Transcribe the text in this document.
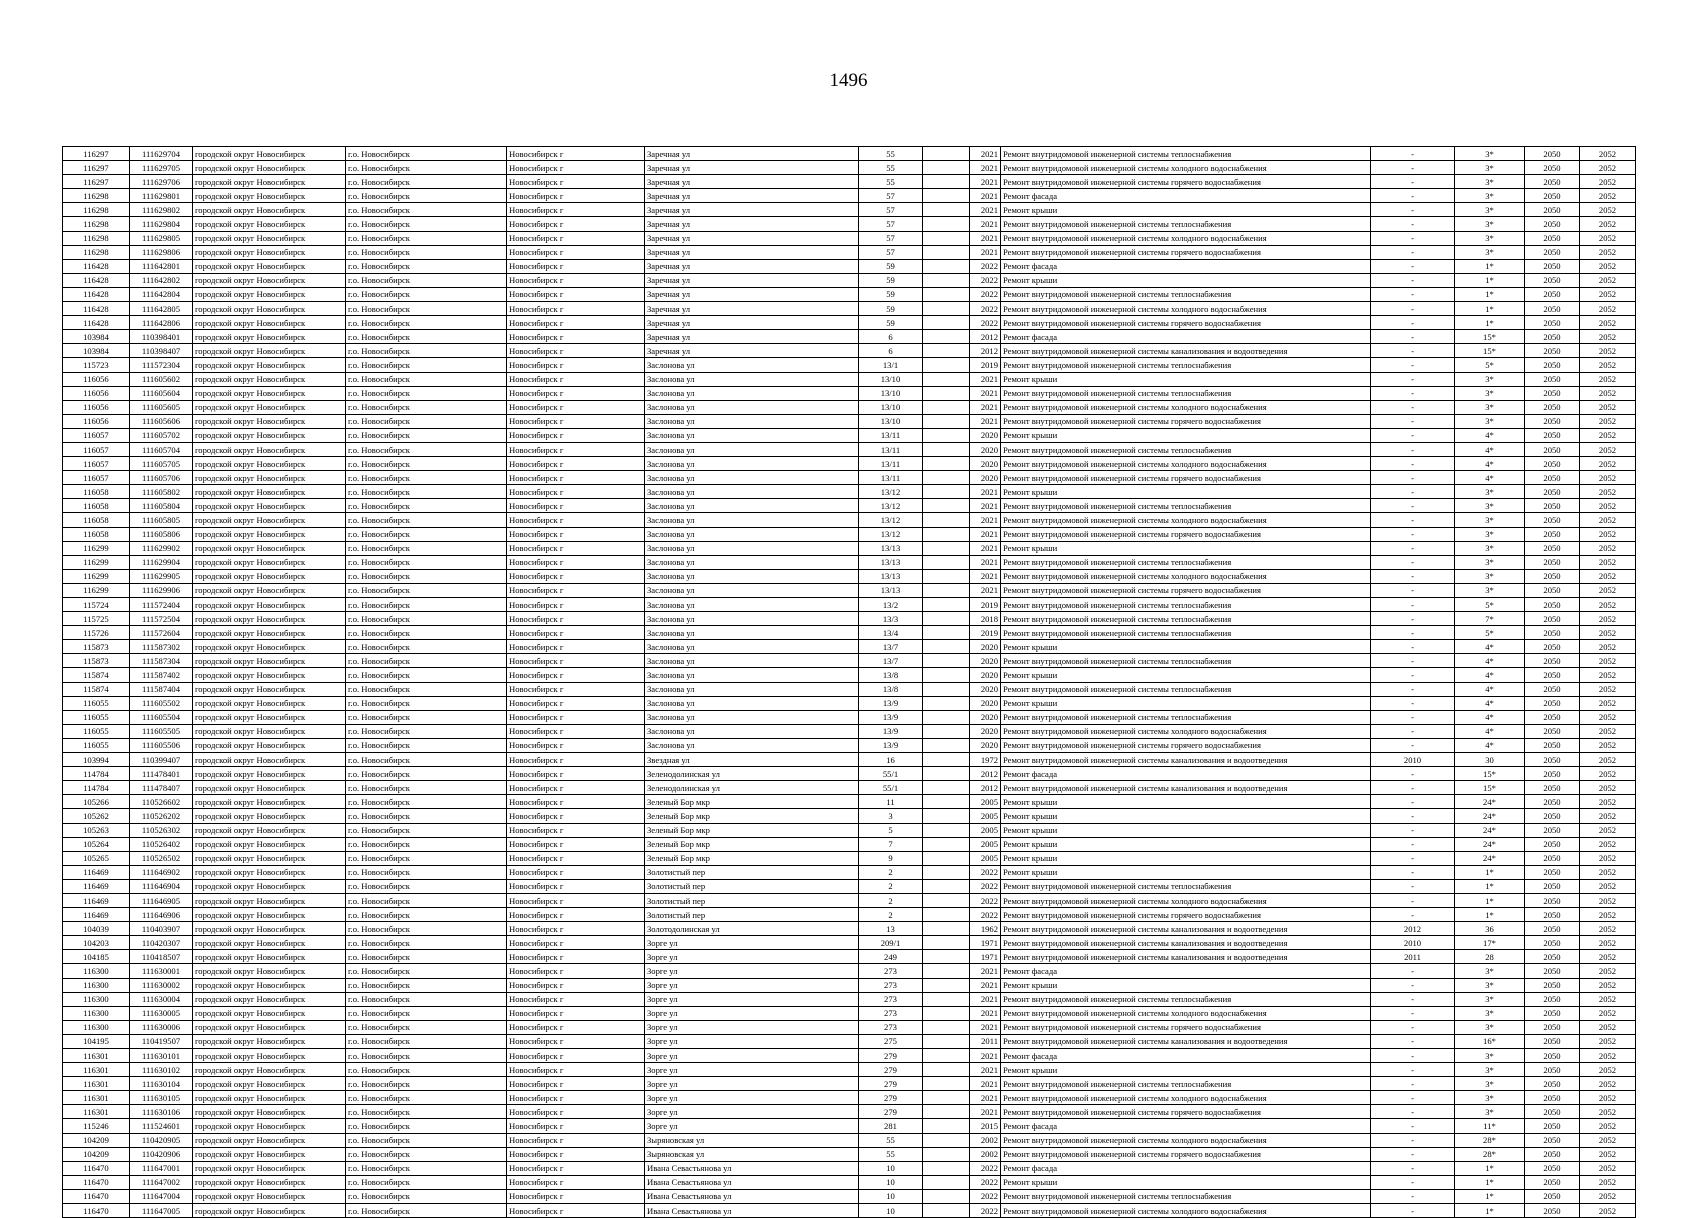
1496
116297	111629704	городской округ Новосибирск	г.о. Новосибирск	Новосибирск г	Заречная ул	55		2021	Ремонт внутридомовой инженерной системы теплоснабжения	-	3*	2050	2052
116297	111629705	городской округ Новосибирск	г.о. Новосибирск	Новосибирск г	Заречная ул	55		2021	Ремонт внутридомовой инженерной системы холодного водоснабжения	-	3*	2050	2052
116297	111629706	городской округ Новосибирск	г.о. Новосибирск	Новосибирск г	Заречная ул	55		2021	Ремонт внутридомовой инженерной системы горячего водоснабжения	-	3*	2050	2052
116298	111629801	городской округ Новосибирск	г.о. Новосибирск	Новосибирск г	Заречная ул	57		2021	Ремонт фасада	-	3*	2050	2052
116298	111629802	городской округ Новосибирск	г.о. Новосибирск	Новосибирск г	Заречная ул	57		2021	Ремонт крыши	-	3*	2050	2052
116298	111629804	городской округ Новосибирск	г.о. Новосибирск	Новосибирск г	Заречная ул	57		2021	Ремонт внутридомовой инженерной системы теплоснабжения	-	3*	2050	2052
116298	111629805	городской округ Новосибирск	г.о. Новосибирск	Новосибирск г	Заречная ул	57		2021	Ремонт внутридомовой инженерной системы холодного водоснабжения	-	3*	2050	2052
116298	111629806	городской округ Новосибирск	г.о. Новосибирск	Новосибирск г	Заречная ул	57		2021	Ремонт внутридомовой инженерной системы горячего водоснабжения	-	3*	2050	2052
116428	111642801	городской округ Новосибирск	г.о. Новосибирск	Новосибирск г	Заречная ул	59		2022	Ремонт фасада	-	1*	2050	2052
116428	111642802	городской округ Новосибирск	г.о. Новосибирск	Новосибирск г	Заречная ул	59		2022	Ремонт крыши	-	1*	2050	2052
116428	111642804	городской округ Новосибирск	г.о. Новосибирск	Новосибирск г	Заречная ул	59		2022	Ремонт внутридомовой инженерной системы теплоснабжения	-	1*	2050	2052
116428	111642805	городской округ Новосибирск	г.о. Новосибирск	Новосибирск г	Заречная ул	59		2022	Ремонт внутридомовой инженерной системы холодного водоснабжения	-	1*	2050	2052
116428	111642806	городской округ Новосибирск	г.о. Новосибирск	Новосибирск г	Заречная ул	59		2022	Ремонт внутридомовой инженерной системы горячего водоснабжения	-	1*	2050	2052
103984	110398401	городской округ Новосибирск	г.о. Новосибирск	Новосибирск г	Заречная ул	6		2012	Ремонт фасада	-	15*	2050	2052
103984	110398407	городской округ Новосибирск	г.о. Новосибирск	Новосибирск г	Заречная ул	6		2012	Ремонт внутридомовой инженерной системы канализования и водоотведения	-	15*	2050	2052
115723	111572304	городской округ Новосибирск	г.о. Новосибирск	Новосибирск г	Заслонова ул	13/1		2019	Ремонт внутридомовой инженерной системы теплоснабжения	-	5*	2050	2052
116056	111605602	городской округ Новосибирск	г.о. Новосибирск	Новосибирск г	Заслонова ул	13/10		2021	Ремонт крыши	-	3*	2050	2052
116056	111605604	городской округ Новосибирск	г.о. Новосибирск	Новосибирск г	Заслонова ул	13/10		2021	Ремонт внутридомовой инженерной системы теплоснабжения	-	3*	2050	2052
116056	111605605	городской округ Новосибирск	г.о. Новосибирск	Новосибирск г	Заслонова ул	13/10		2021	Ремонт внутридомовой инженерной системы холодного водоснабжения	-	3*	2050	2052
116056	111605606	городской округ Новосибирск	г.о. Новосибирск	Новосибирск г	Заслонова ул	13/10		2021	Ремонт внутридомовой инженерной системы горячего водоснабжения	-	3*	2050	2052
116057	111605702	городской округ Новосибирск	г.о. Новосибирск	Новосибирск г	Заслонова ул	13/11		2020	Ремонт крыши	-	4*	2050	2052
116057	111605704	городской округ Новосибирск	г.о. Новосибирск	Новосибирск г	Заслонова ул	13/11		2020	Ремонт внутридомовой инженерной системы теплоснабжения	-	4*	2050	2052
116057	111605705	городской округ Новосибирск	г.о. Новосибирск	Новосибирск г	Заслонова ул	13/11		2020	Ремонт внутридомовой инженерной системы холодного водоснабжения	-	4*	2050	2052
116057	111605706	городской округ Новосибирск	г.о. Новосибирск	Новосибирск г	Заслонова ул	13/11		2020	Ремонт внутридомовой инженерной системы горячего водоснабжения	-	4*	2050	2052
116058	111605802	городской округ Новосибирск	г.о. Новосибирск	Новосибирск г	Заслонова ул	13/12		2021	Ремонт крыши	-	3*	2050	2052
116058	111605804	городской округ Новосибирск	г.о. Новосибирск	Новосибирск г	Заслонова ул	13/12		2021	Ремонт внутридомовой инженерной системы теплоснабжения	-	3*	2050	2052
116058	111605805	городской округ Новосибирск	г.о. Новосибирск	Новосибирск г	Заслонова ул	13/12		2021	Ремонт внутридомовой инженерной системы холодного водоснабжения	-	3*	2050	2052
116058	111605806	городской округ Новосибирск	г.о. Новосибирск	Новосибирск г	Заслонова ул	13/12		2021	Ремонт внутридомовой инженерной системы горячего водоснабжения	-	3*	2050	2052
116299	111629902	городской округ Новосибирск	г.о. Новосибирск	Новосибирск г	Заслонова ул	13/13		2021	Ремонт крыши	-	3*	2050	2052
116299	111629904	городской округ Новосибирск	г.о. Новосибирск	Новосибирск г	Заслонова ул	13/13		2021	Ремонт внутридомовой инженерной системы теплоснабжения	-	3*	2050	2052
116299	111629905	городской округ Новосибирск	г.о. Новосибирск	Новосибирск г	Заслонова ул	13/13		2021	Ремонт внутридомовой инженерной системы холодного водоснабжения	-	3*	2050	2052
116299	111629906	городской округ Новосибирск	г.о. Новосибирск	Новосибирск г	Заслонова ул	13/13		2021	Ремонт внутридомовой инженерной системы горячего водоснабжения	-	3*	2050	2052
115724	111572404	городской округ Новосибирск	г.о. Новосибирск	Новосибирск г	Заслонова ул	13/2		2019	Ремонт внутридомовой инженерной системы теплоснабжения	-	5*	2050	2052
115725	111572504	городской округ Новосибирск	г.о. Новосибирск	Новосибирск г	Заслонова ул	13/3		2018	Ремонт внутридомовой инженерной системы теплоснабжения	-	7*	2050	2052
115726	111572604	городской округ Новосибирск	г.о. Новосибирск	Новосибирск г	Заслонова ул	13/4		2019	Ремонт внутридомовой инженерной системы теплоснабжения	-	5*	2050	2052
115873	111587302	городской округ Новосибирск	г.о. Новосибирск	Новосибирск г	Заслонова ул	13/7		2020	Ремонт крыши	-	4*	2050	2052
115873	111587304	городской округ Новосибирск	г.о. Новосибирск	Новосибирск г	Заслонова ул	13/7		2020	Ремонт внутридомовой инженерной системы теплоснабжения	-	4*	2050	2052
115874	111587402	городской округ Новосибирск	г.о. Новосибирск	Новосибирск г	Заслонова ул	13/8		2020	Ремонт крыши	-	4*	2050	2052
115874	111587404	городской округ Новосибирск	г.о. Новосибирск	Новосибирск г	Заслонова ул	13/8		2020	Ремонт внутридомовой инженерной системы теплоснабжения	-	4*	2050	2052
116055	111605502	городской округ Новосибирск	г.о. Новосибирск	Новосибирск г	Заслонова ул	13/9		2020	Ремонт крыши	-	4*	2050	2052
116055	111605504	городской округ Новосибирск	г.о. Новосибирск	Новосибирск г	Заслонова ул	13/9		2020	Ремонт внутридомовой инженерной системы теплоснабжения	-	4*	2050	2052
116055	111605505	городской округ Новосибирск	г.о. Новосибирск	Новосибирск г	Заслонова ул	13/9		2020	Ремонт внутридомовой инженерной системы холодного водоснабжения	-	4*	2050	2052
116055	111605506	городской округ Новосибирск	г.о. Новосибирск	Новосибирск г	Заслонова ул	13/9		2020	Ремонт внутридомовой инженерной системы горячего водоснабжения	-	4*	2050	2052
103994	110399407	городской округ Новосибирск	г.о. Новосибирск	Новосибирск г	Звездная ул	16		1972	Ремонт внутридомовой инженерной системы канализования и водоотведения	2010	30	2050	2052
114784	111478401	городской округ Новосибирск	г.о. Новосибирск	Новосибирск г	Зеленодолинская ул	55/1		2012	Ремонт фасада	-	15*	2050	2052
114784	111478407	городской округ Новосибирск	г.о. Новосибирск	Новосибирск г	Зеленодолинская ул	55/1		2012	Ремонт внутридомовой инженерной системы канализования и водоотведения	-	15*	2050	2052
105266	110526602	городской округ Новосибирск	г.о. Новосибирск	Новосибирск г	Зеленый Бор мкр	11		2005	Ремонт крыши	-	24*	2050	2052
105262	110526202	городской округ Новосибирск	г.о. Новосибирск	Новосибирск г	Зеленый Бор мкр	3		2005	Ремонт крыши	-	24*	2050	2052
105263	110526302	городской округ Новосибирск	г.о. Новосибирск	Новосибирск г	Зеленый Бор мкр	5		2005	Ремонт крыши	-	24*	2050	2052
105264	110526402	городской округ Новосибирск	г.о. Новосибирск	Новосибирск г	Зеленый Бор мкр	7		2005	Ремонт крыши	-	24*	2050	2052
105265	110526502	городской округ Новосибирск	г.о. Новосибирск	Новосибирск г	Зеленый Бор мкр	9		2005	Ремонт крыши	-	24*	2050	2052
116469	111646902	городской округ Новосибирск	г.о. Новосибирск	Новосибирск г	Золотистый пер	2		2022	Ремонт крыши	-	1*	2050	2052
116469	111646904	городской округ Новосибирск	г.о. Новосибирск	Новосибирск г	Золотистый пер	2		2022	Ремонт внутридомовой инженерной системы теплоснабжения	-	1*	2050	2052
116469	111646905	городской округ Новосибирск	г.о. Новосибирск	Новосибирск г	Золотистый пер	2		2022	Ремонт внутридомовой инженерной системы холодного водоснабжения	-	1*	2050	2052
116469	111646906	городской округ Новосибирск	г.о. Новосибирск	Новосибирск г	Золотистый пер	2		2022	Ремонт внутридомовой инженерной системы горячего водоснабжения	-	1*	2050	2052
104039	110403907	городской округ Новосибирск	г.о. Новосибирск	Новосибирск г	Золотодолинская ул	13		1962	Ремонт внутридомовой инженерной системы канализования и водоотведения	2012	36	2050	2052
104203	110420307	городской округ Новосибирск	г.о. Новосибирск	Новосибирск г	Зорге ул	209/1		1971	Ремонт внутридомовой инженерной системы канализования и водоотведения	2010	17*	2050	2052
104185	110418507	городской округ Новосибирск	г.о. Новосибирск	Новосибирск г	Зорге ул	249		1971	Ремонт внутридомовой инженерной системы канализования и водоотведения	2011	28	2050	2052
116300	111630001	городской округ Новосибирск	г.о. Новосибирск	Новосибирск г	Зорге ул	273		2021	Ремонт фасада	-	3*	2050	2052
116300	111630002	городской округ Новосибирск	г.о. Новосибирск	Новосибирск г	Зорге ул	273		2021	Ремонт крыши	-	3*	2050	2052
116300	111630004	городской округ Новосибирск	г.о. Новосибирск	Новосибирск г	Зорге ул	273		2021	Ремонт внутридомовой инженерной системы теплоснабжения	-	3*	2050	2052
116300	111630005	городской округ Новосибирск	г.о. Новосибирск	Новосибирск г	Зорге ул	273		2021	Ремонт внутридомовой инженерной системы холодного водоснабжения	-	3*	2050	2052
116300	111630006	городской округ Новосибирск	г.о. Новосибирск	Новосибирск г	Зорге ул	273		2021	Ремонт внутридомовой инженерной системы горячего водоснабжения	-	3*	2050	2052
104195	110419507	городской округ Новосибирск	г.о. Новосибирск	Новосибирск г	Зорге ул	275		2011	Ремонт внутридомовой инженерной системы канализования и водоотведения	-	16*	2050	2052
116301	111630101	городской округ Новосибирск	г.о. Новосибирск	Новосибирск г	Зорге ул	279		2021	Ремонт фасада	-	3*	2050	2052
116301	111630102	городской округ Новосибирск	г.о. Новосибирск	Новосибирск г	Зорге ул	279		2021	Ремонт крыши	-	3*	2050	2052
116301	111630104	городской округ Новосибирск	г.о. Новосибирск	Новосибирск г	Зорге ул	279		2021	Ремонт внутридомовой инженерной системы теплоснабжения	-	3*	2050	2052
116301	111630105	городской округ Новосибирск	г.о. Новосибирск	Новосибирск г	Зорге ул	279		2021	Ремонт внутридомовой инженерной системы холодного водоснабжения	-	3*	2050	2052
116301	111630106	городской округ Новосибирск	г.о. Новосибирск	Новосибирск г	Зорге ул	279		2021	Ремонт внутридомовой инженерной системы горячего водоснабжения	-	3*	2050	2052
115246	111524601	городской округ Новосибирск	г.о. Новосибирск	Новосибирск г	Зорге ул	281		2015	Ремонт фасада	-	11*	2050	2052
104209	110420905	городской округ Новосибирск	г.о. Новосибирск	Новосибирск г	Зыряновская ул	55		2002	Ремонт внутридомовой инженерной системы холодного водоснабжения	-	28*	2050	2052
104209	110420906	городской округ Новосибирск	г.о. Новосибирск	Новосибирск г	Зыряновская ул	55		2002	Ремонт внутридомовой инженерной системы горячего водоснабжения	-	28*	2050	2052
116470	111647001	городской округ Новосибирск	г.о. Новосибирск	Новосибирск г	Ивана Севастьянова ул	10		2022	Ремонт фасада	-	1*	2050	2052
116470	111647002	городской округ Новосибирск	г.о. Новосибирск	Новосибирск г	Ивана Севастьянова ул	10		2022	Ремонт крыши	-	1*	2050	2052
116470	111647004	городской округ Новосибирск	г.о. Новосибирск	Новосибирск г	Ивана Севастьянова ул	10		2022	Ремонт внутридомовой инженерной системы теплоснабжения	-	1*	2050	2052
116470	111647005	городской округ Новосибирск	г.о. Новосибирск	Новосибирск г	Ивана Севастьянова ул	10		2022	Ремонт внутридомовой инженерной системы холодного водоснабжения	-	1*	2050	2052
